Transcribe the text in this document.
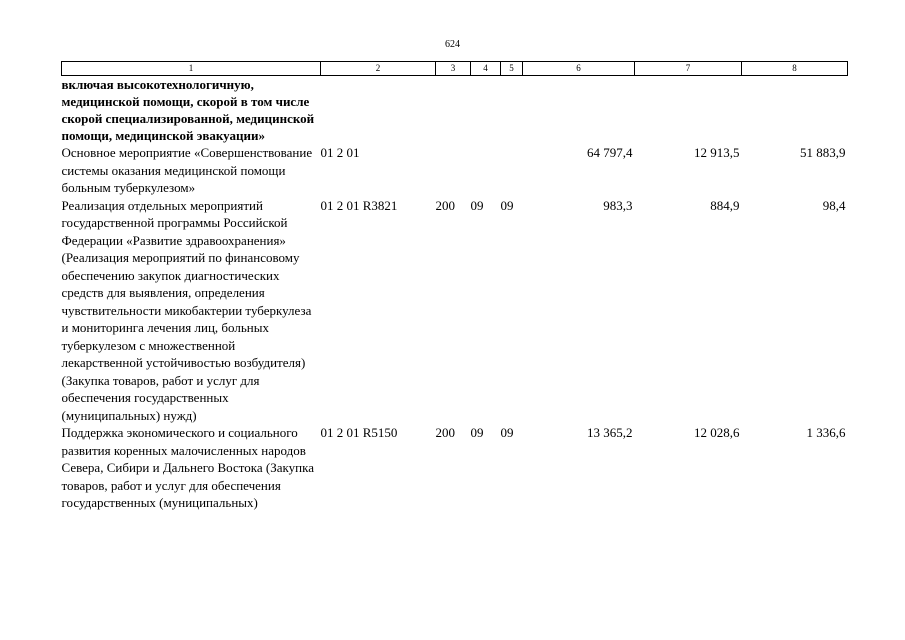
624
1	2	3	4	5	6	7	8
включая высокотехнологичную, медицинской помощи, скорой в том числе скорой специализированной, медицинской помощи, медицинской эвакуации»							
Основное мероприятие «Совершенствование системы оказания медицинской помощи больным туберкулезом»	01 2 01				64 797,4	12 913,5	51 883,9
Реализация отдельных мероприятий государственной программы Российской Федерации «Развитие здравоохранения» (Реализация мероприятий по финансовому обеспечению закупок диагностических средств для выявления, определения чувствительности микобактерии туберкулеза и мониторинга лечения лиц, больных туберкулезом с множественной лекарственной устойчивостью возбудителя) (Закупка товаров, работ и услуг для обеспечения государственных (муниципальных) нужд)	01 2 01 R3821	200	09	09	983,3	884,9	98,4
Поддержка экономического и социального развития коренных малочисленных народов Севера, Сибири и Дальнего Востока (Закупка товаров, работ и услуг для обеспечения государственных (муниципальных)	01 2 01 R5150	200	09	09	13 365,2	12 028,6	1 336,6
